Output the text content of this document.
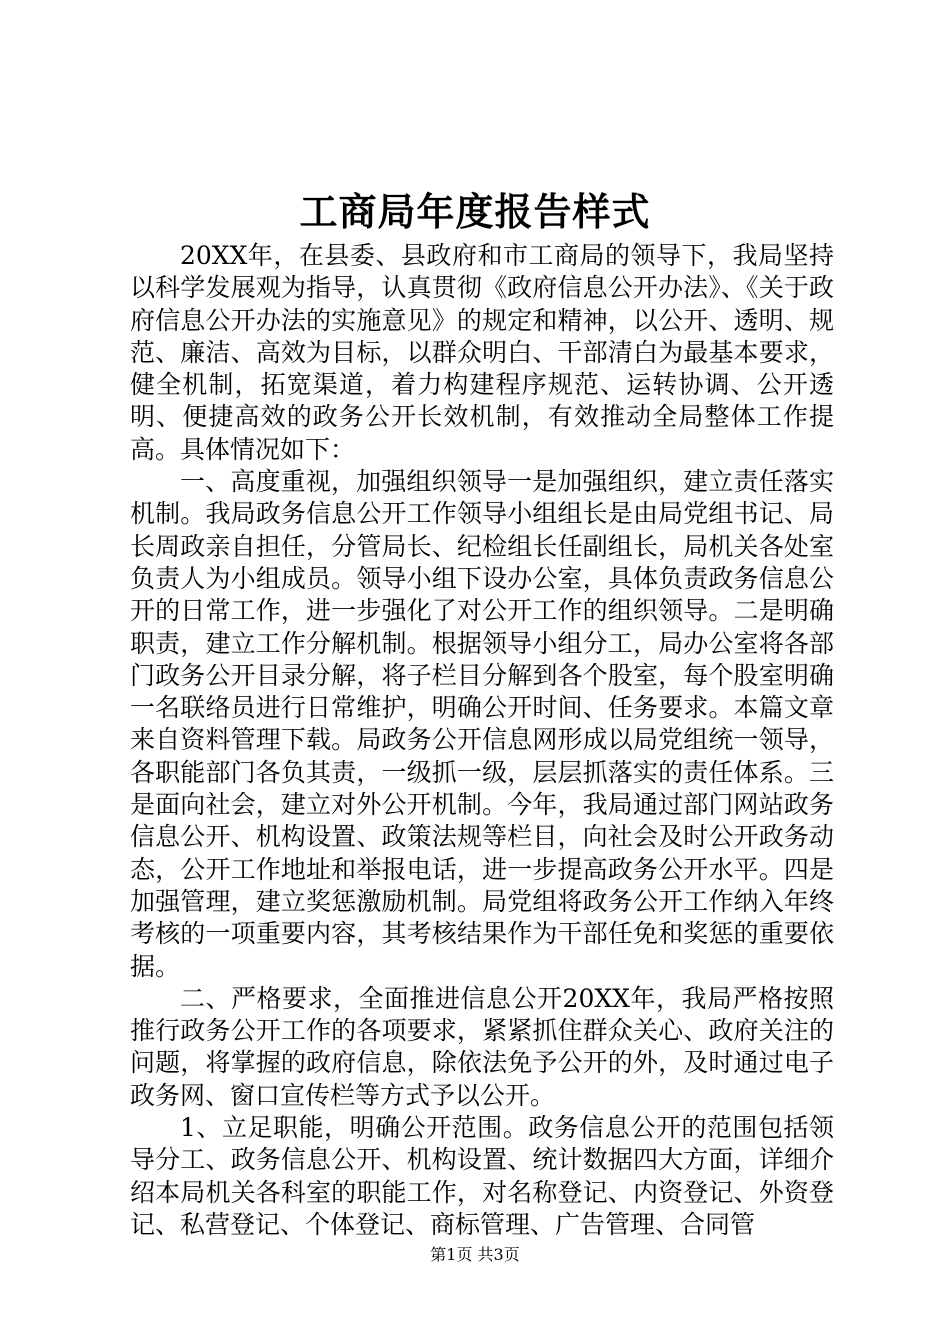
工商局年度报告样式

20XX年，在县委、县政府和市工商局的领导下，我局坚持以科学发展观为指导，认真贯彻《政府信息公开办法》、《关于政府信息公开办法的实施意见》的规定和精神，以公开、透明、规范、廉洁、高效为目标，以群众明白、干部清白为最基本要求，健全机制，拓宽渠道，着力构建程序规范、运转协调、公开透明、便捷高效的政务公开长效机制，有效推动全局整体工作提高。具体情况如下：

一、高度重视，加强组织领导一是加强组织，建立责任落实机制。我局政务信息公开工作领导小组组长是由局党组书记、局长周政亲自担任，分管局长、纪检组长任副组长，局机关各处室负责人为小组成员。领导小组下设办公室，具体负责政务信息公开的日常工作，进一步强化了对公开工作的组织领导。二是明确职责，建立工作分解机制。根据领导小组分工，局办公室将各部门政务公开目录分解，将子栏目分解到各个股室，每个股室明确一名联络员进行日常维护，明确公开时间、任务要求。本篇文章来自资料管理下载。局政务公开信息网形成以局党组统一领导，各职能部门各负其责，一级抓一级，层层抓落实的责任体系。三是面向社会，建立对外公开机制。今年，我局通过部门网站政务信息公开、机构设置、政策法规等栏目，向社会及时公开政务动态，公开工作地址和举报电话，进一步提高政务公开水平。四是加强管理，建立奖惩激励机制。局党组将政务公开工作纳入年终考核的一项重要内容，其考核结果作为干部任免和奖惩的重要依据。

二、严格要求，全面推进信息公开20XX年，我局严格按照推行政务公开工作的各项要求，紧紧抓住群众关心、政府关注的问题，将掌握的政府信息，除依法免予公开的外，及时通过电子政务网、窗口宣传栏等方式予以公开。

1、立足职能，明确公开范围。政务信息公开的范围包括领导分工、政务信息公开、机构设置、统计数据四大方面，详细介绍本局机关各科室的职能工作，对名称登记、内资登记、外资登记、私营登记、个体登记、商标管理、广告管理、合同管

第1页 共3页
